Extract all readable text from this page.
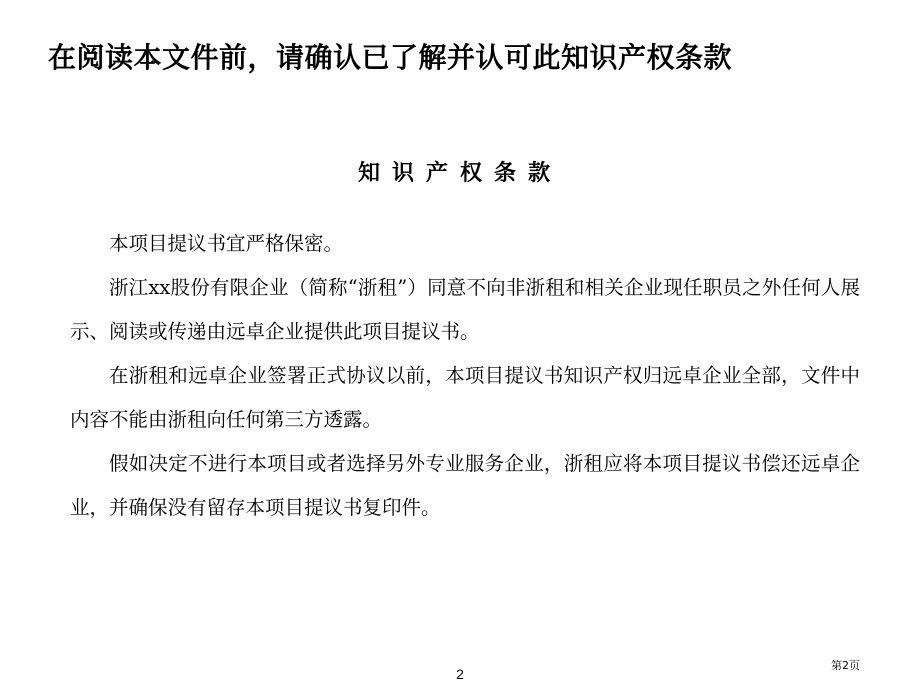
在阅读本文件前，请确认已了解并认可此知识产权条款
知识产权条款

本项目提议书宜严格保密。

浙江xx股份有限企业（简称“浙租”）同意不向非浙租和相关企业现任职员之外任何人展示、阅读或传递由远卓企业提供此项目提议书。

在浙租和远卓企业签署正式协议以前，本项目提议书知识产权归远卓企业全部，文件中内容不能由浙租向任何第三方透露。

假如决定不进行本项目或者选择另外专业服务企业，浙租应将本项目提议书偿还远卓企业，并确保没有留存本项目提议书复印件。

2
第2页
